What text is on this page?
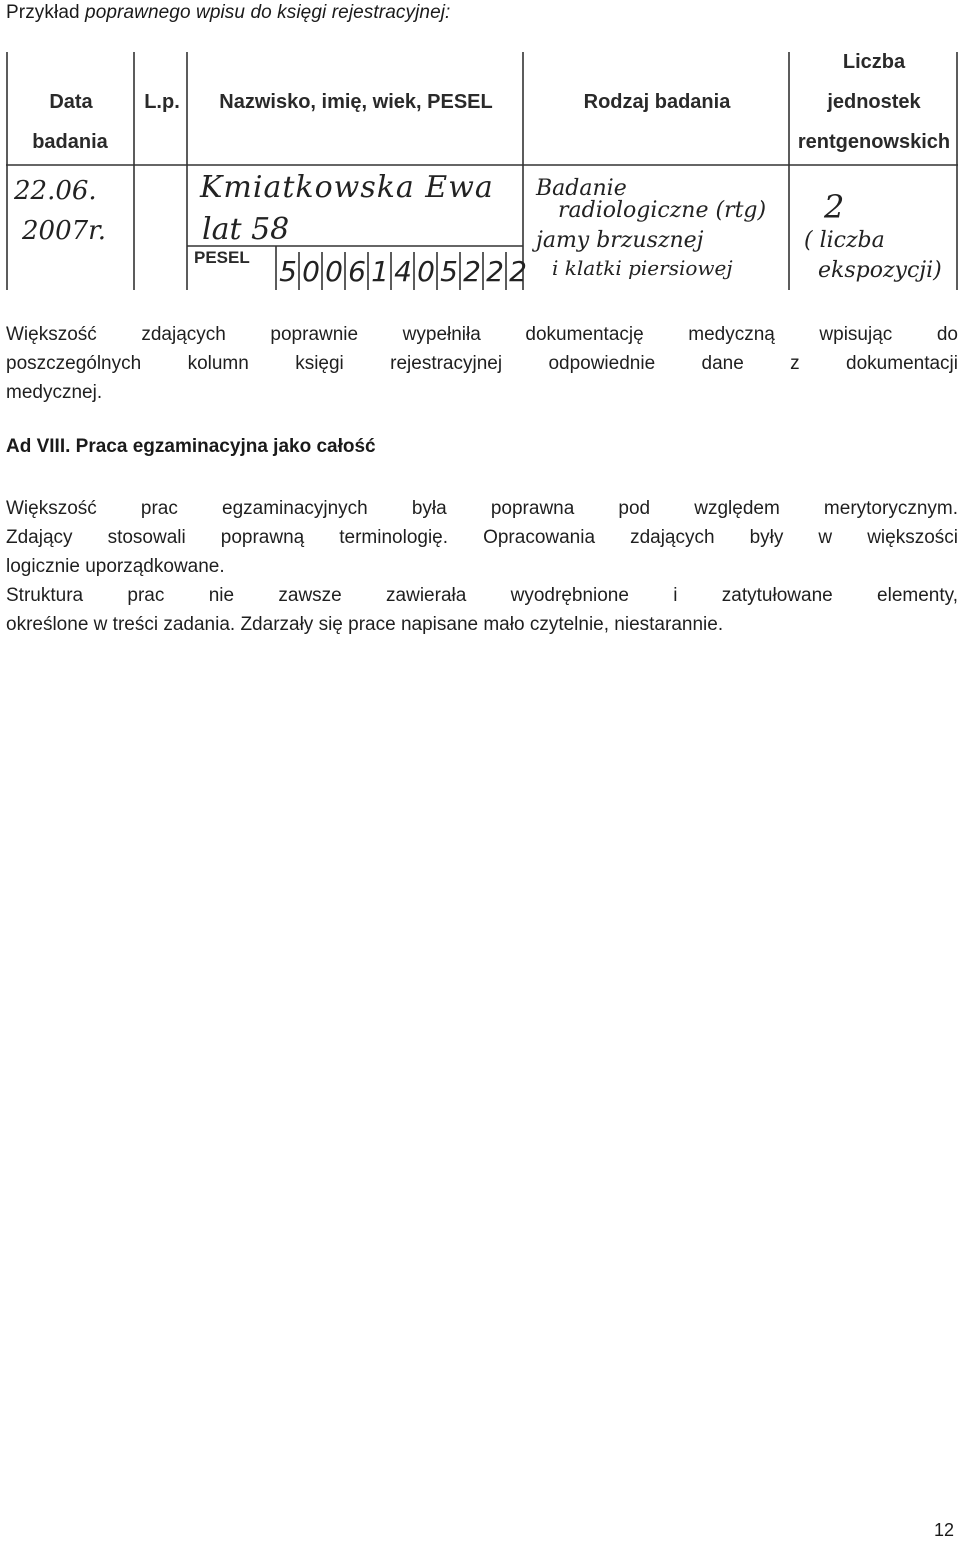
Przykład poprawnego wpisu do księgi rejestracyjnej:
Data
badania
L.p.	Nazwisko, imię, wiek, PESEL	Rodzaj badania
Liczba
jednostek
rentgenowskich
PESEL
22.06.
2007r.
Kmiatkowska Ewa
lat 58
Badanie
radiologiczne (rtg)
jamy brzusznej
i klatki piersiowej
2
( liczba
ekspozycji)
5 0 0 6 1 4 0 5 2 2 2
Większość zdających poprawnie wypełniła dokumentację medyczną wpisując do
poszczególnych kolumn księgi rejestracyjnej odpowiednie dane z dokumentacji
medycznej.
Ad VIII. Praca egzaminacyjna jako całość
Większość prac egzaminacyjnych była poprawna pod względem merytorycznym.
Zdający stosowali poprawną terminologię. Opracowania zdających były w większości
logicznie uporządkowane.
Struktura prac nie zawsze zawierała wyodrębnione i zatytułowane elementy,
określone w treści zadania. Zdarzały się prace napisane mało czytelnie, niestarannie.
12
